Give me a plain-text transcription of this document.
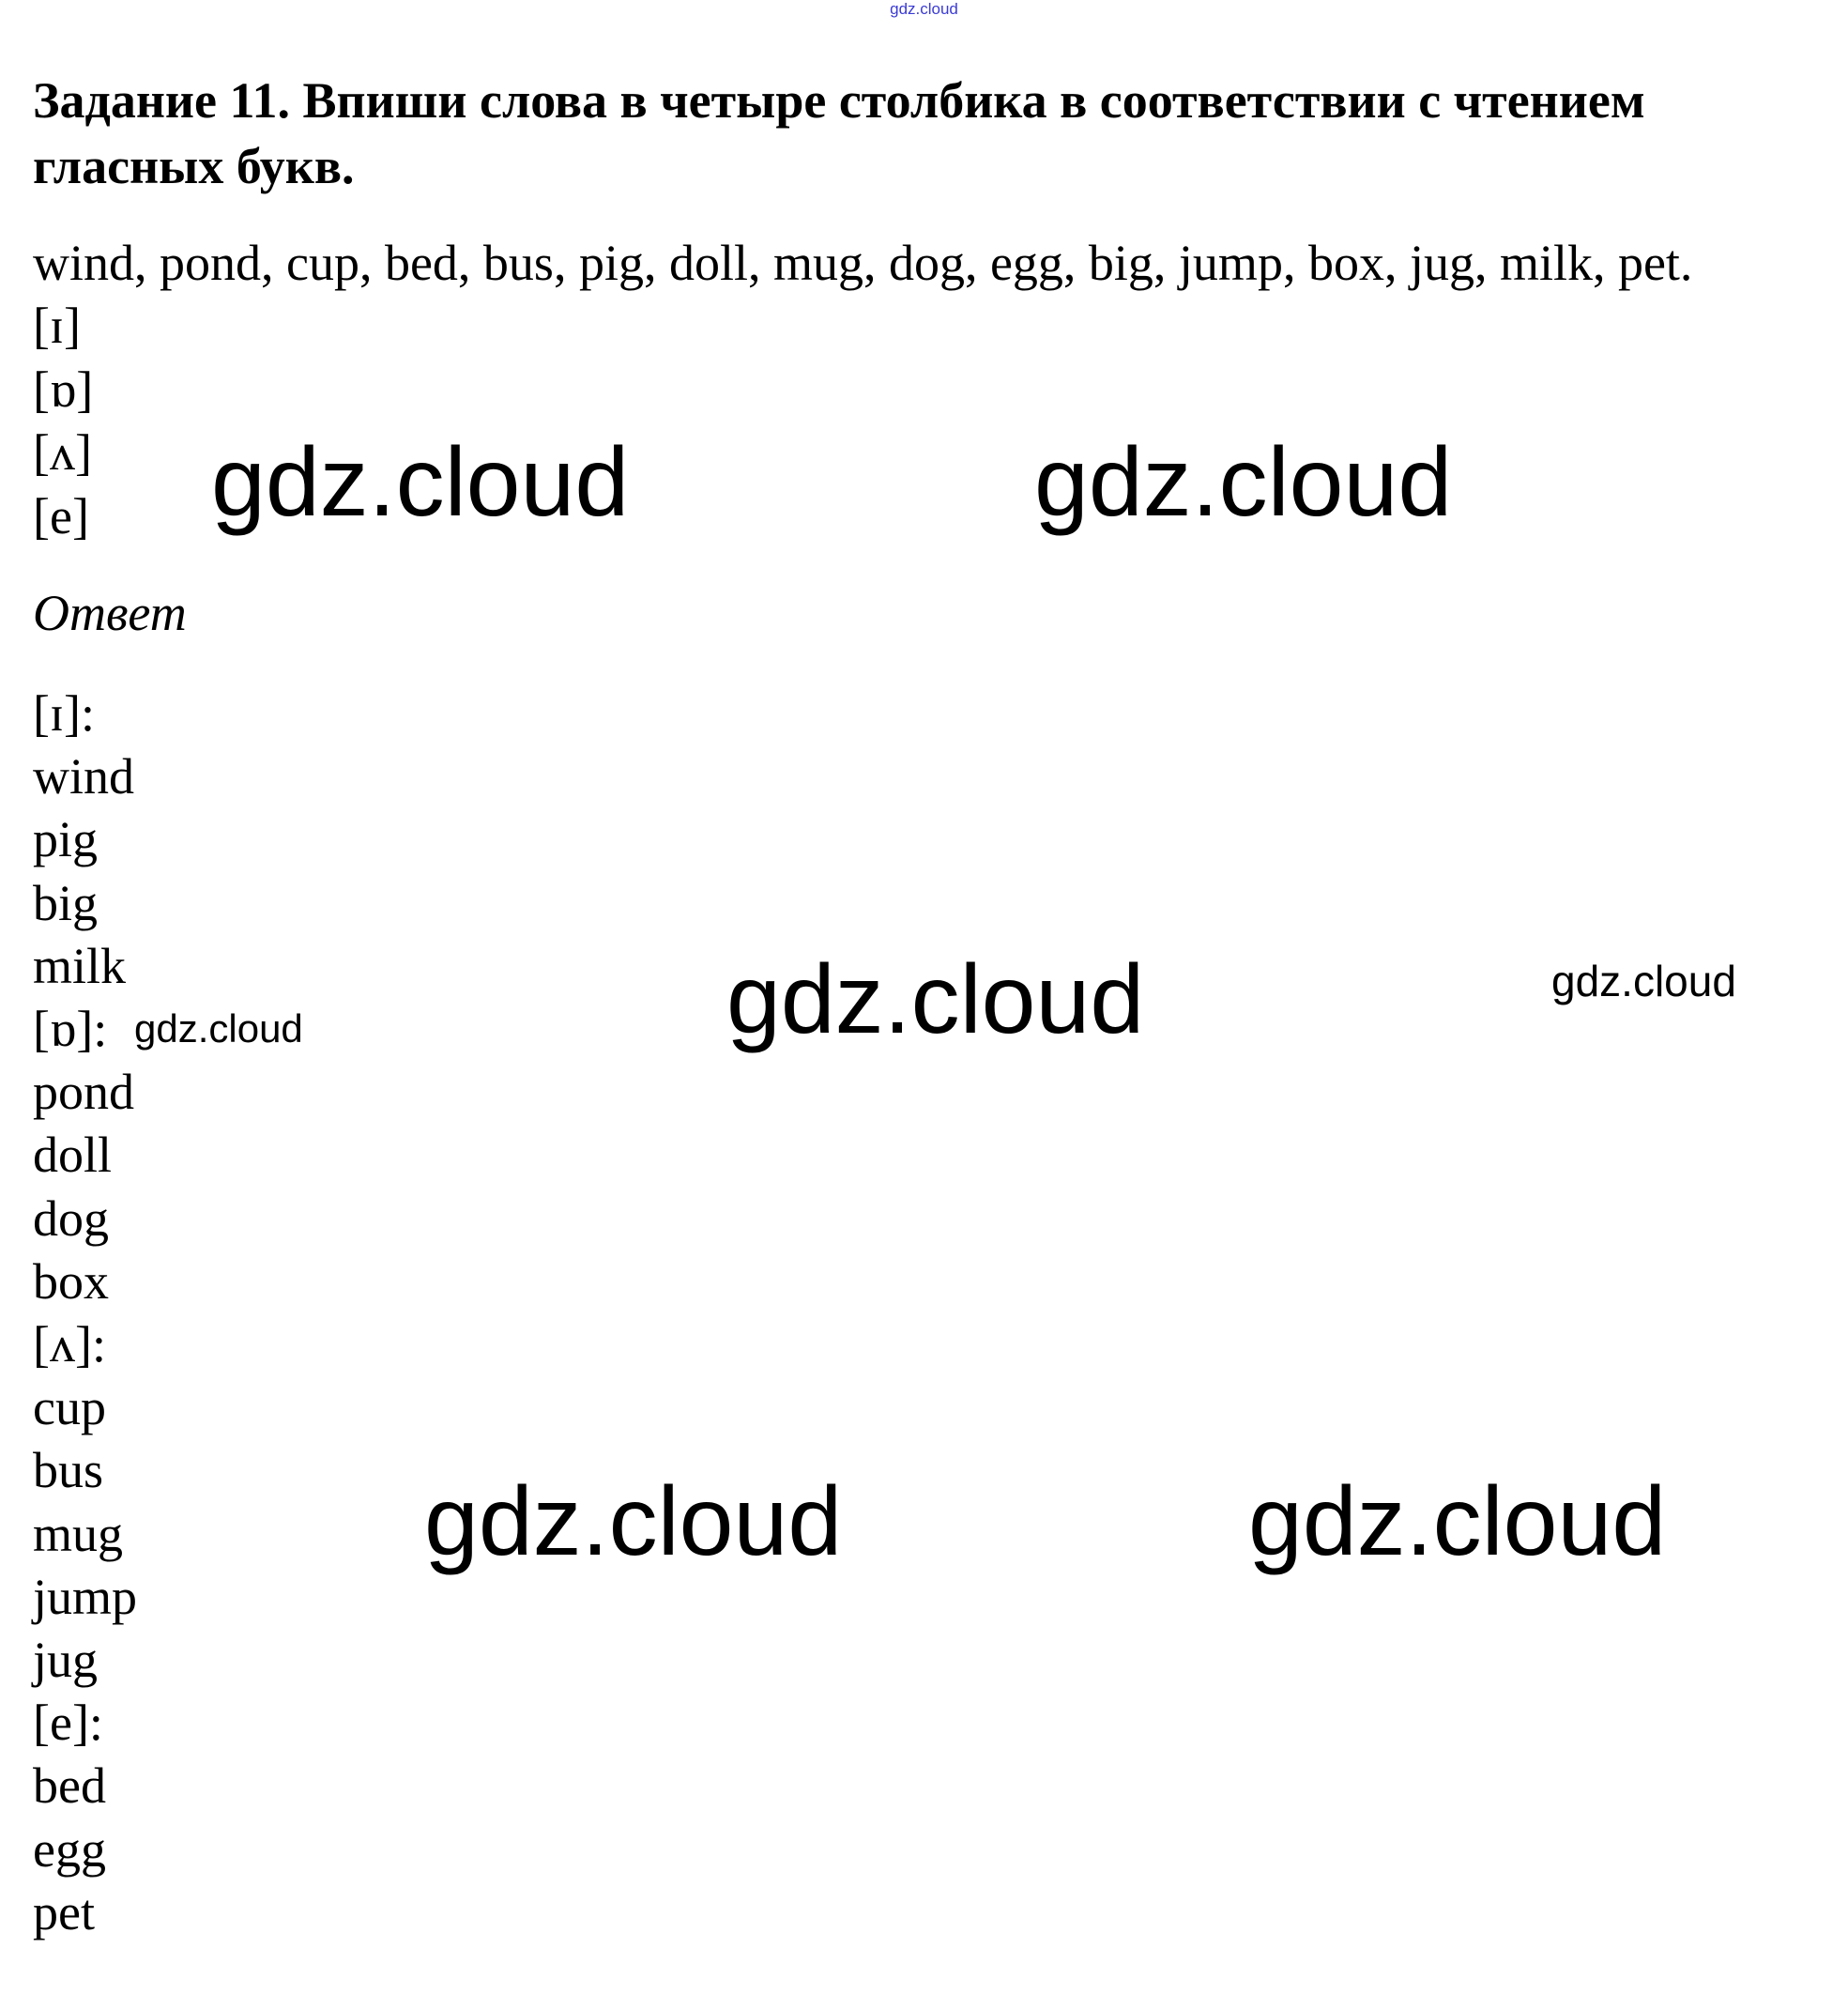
gdz.cloud
Задание 11. Впиши слова в четыре столбика в соответствии с чтением гласных букв.
wind, pond, cup, bed, bus, pig, doll, mug, dog, egg, big, jump, box, jug, milk, pet.
[ɪ]
[ɒ]
[ʌ]
[e]
Ответ
[ɪ]:
wind
pig
big
milk
[ɒ]:
pond
doll
dog
box
[ʌ]:
cup
bus
mug
jump
jug
[e]:
bed
egg
pet
gdz.cloud	gdz.cloud
gdz.cloud	gdz.cloud
gdz.cloud
gdz.cloud	gdz.cloud
